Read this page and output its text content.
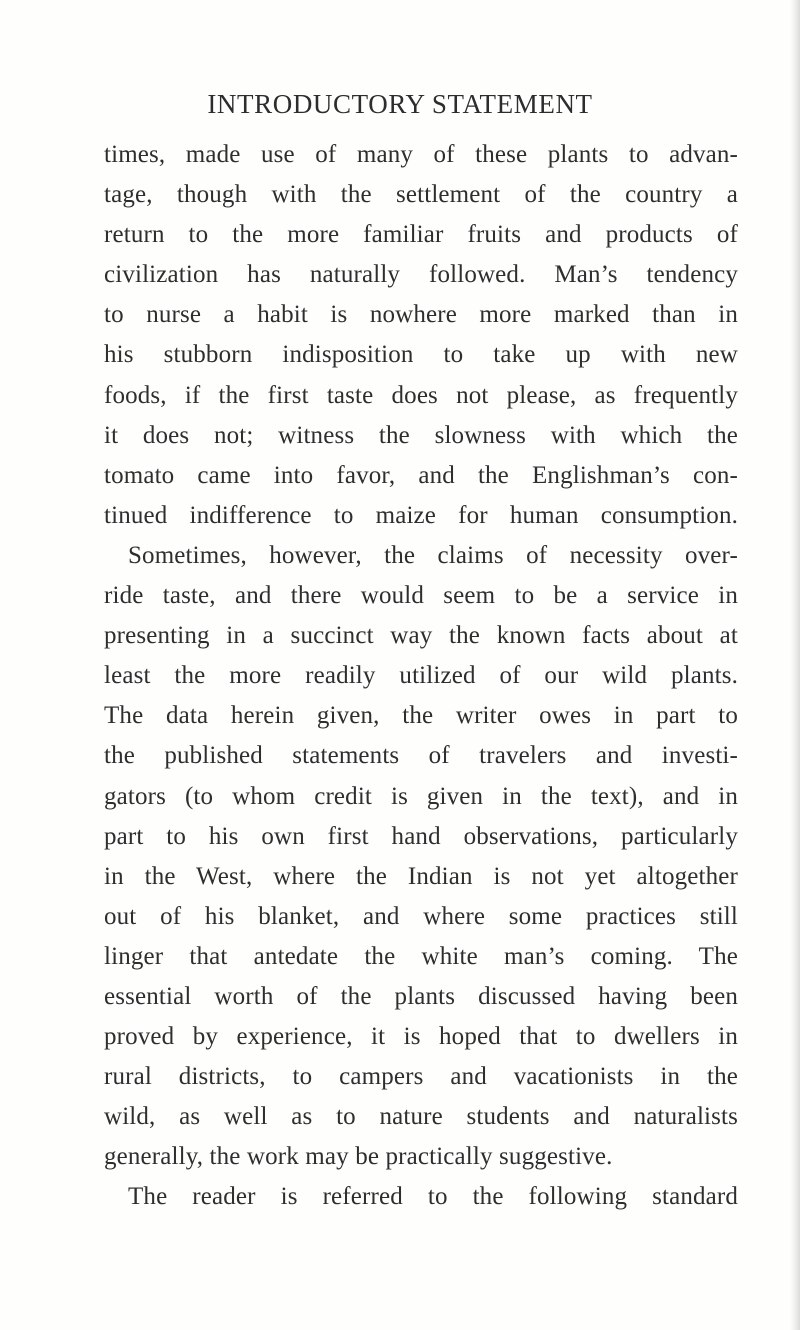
INTRODUCTORY STATEMENT
times, made use of many of these plants to advan-
tage, though with the settlement of the country a
return to the more familiar fruits and products of
civilization has naturally followed. Man’s tendency
to nurse a habit is nowhere more marked than in
his stubborn indisposition to take up with new
foods, if the first taste does not please, as frequently
it does not; witness the slowness with which the
tomato came into favor, and the Englishman’s con-
tinued indifference to maize for human consumption.
Sometimes, however, the claims of necessity over-
ride taste, and there would seem to be a service in
presenting in a succinct way the known facts about at
least the more readily utilized of our wild plants.
The data herein given, the writer owes in part to
the published statements of travelers and investi-
gators (to whom credit is given in the text), and in
part to his own first hand observations, particularly
in the West, where the Indian is not yet altogether
out of his blanket, and where some practices still
linger that antedate the white man’s coming. The
essential worth of the plants discussed having been
proved by experience, it is hoped that to dwellers in
rural districts, to campers and vacationists in the
wild, as well as to nature students and naturalists
generally, the work may be practically suggestive.
The reader is referred to the following standard
